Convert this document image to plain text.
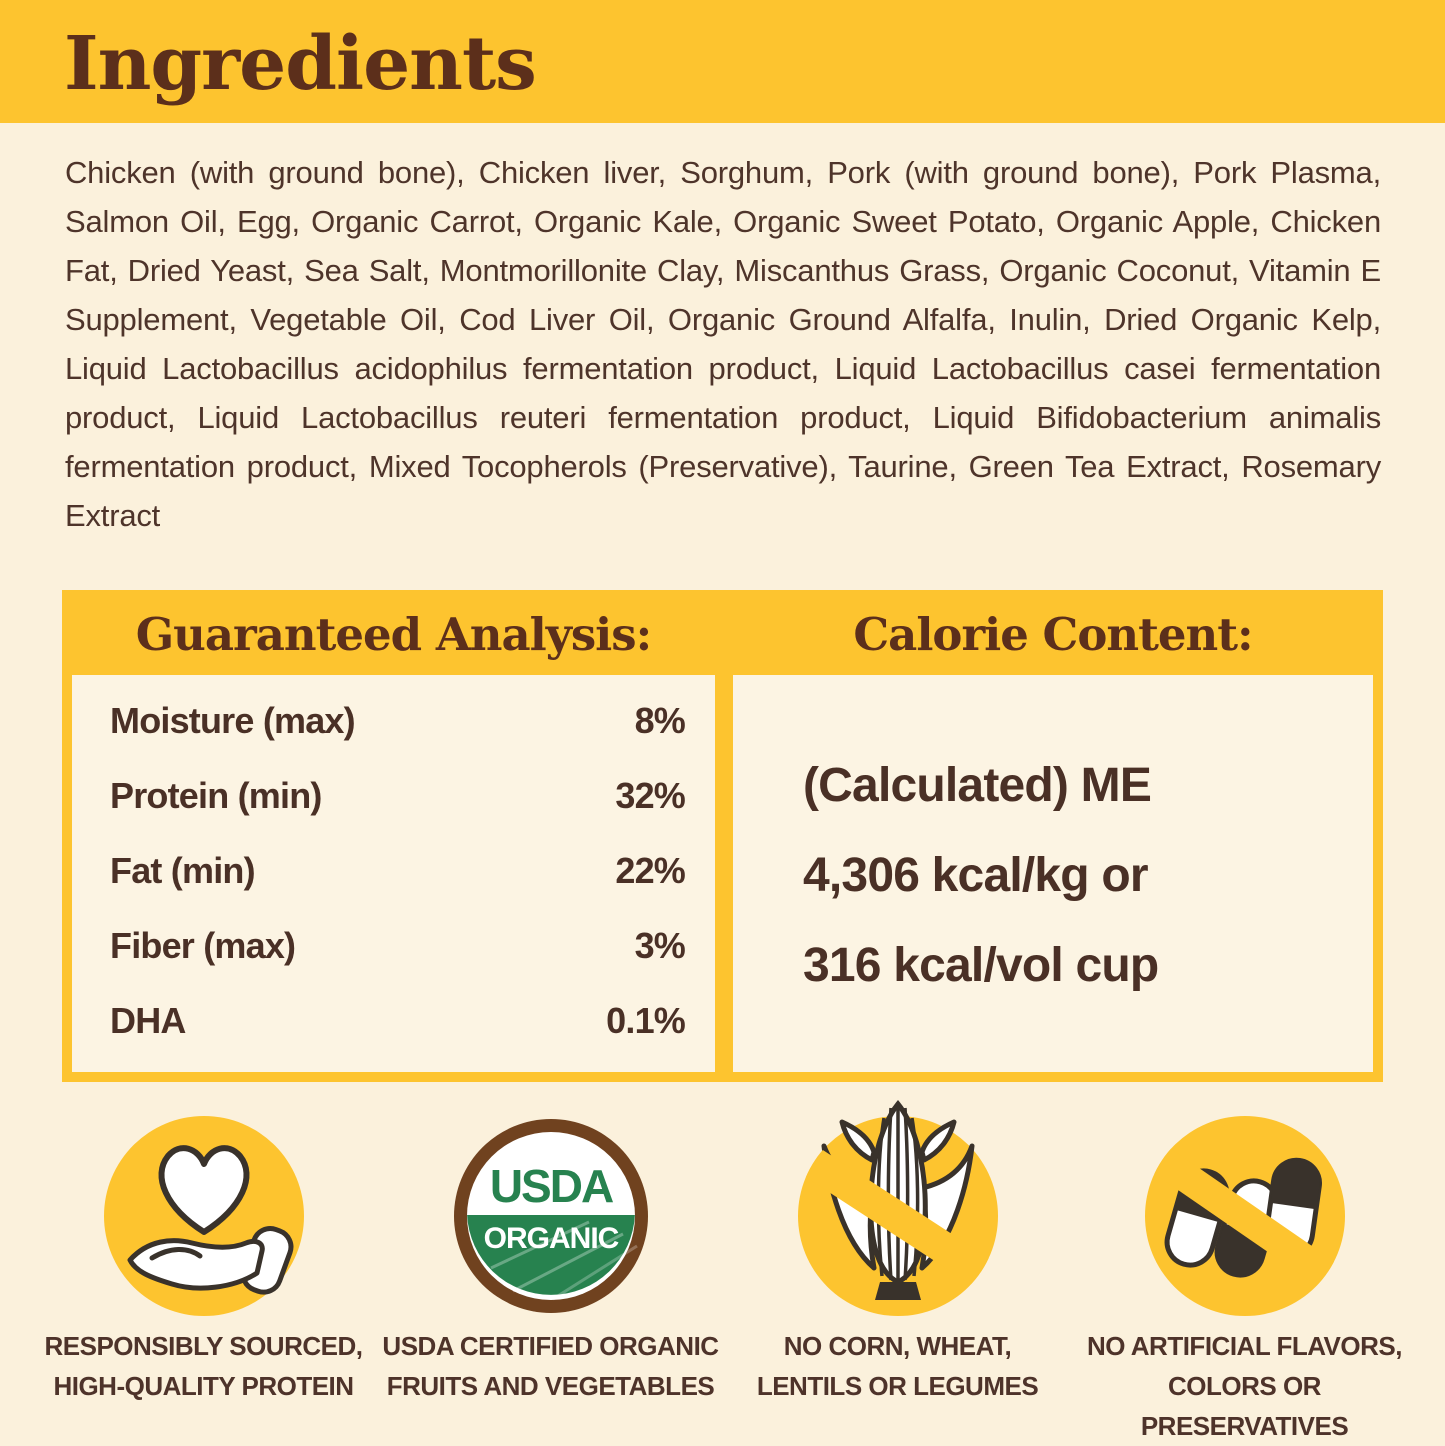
Ingredients
Chicken (with ground bone), Chicken liver, Sorghum, Pork (with ground bone), Pork Plasma, Salmon Oil, Egg, Organic Carrot, Organic Kale, Organic Sweet Potato, Organic Apple, Chicken Fat, Dried Yeast, Sea Salt, Montmorillonite Clay, Miscanthus Grass, Organic Coconut, Vitamin E Supplement, Vegetable Oil, Cod Liver Oil, Organic Ground Alfalfa, Inulin, Dried Organic Kelp, Liquid Lactobacillus acidophilus fermentation product, Liquid Lactobacillus casei fermentation product, Liquid Lactobacillus reuteri fermentation product, Liquid Bifidobacterium animalis fermentation product, Mixed Tocopherols (Preservative), Taurine, Green Tea Extract, Rosemary Extract
Guaranteed Analysis:	Calorie Content:
Moisture (max)	8%
Protein (min)	32%
Fat (min)	22%
Fiber (max)	3%
DHA	0.1%
(Calculated) ME
4,306 kcal/kg or
316 kcal/vol cup
RESPONSIBLY SOURCED,
HIGH-QUALITY PROTEIN
USDA
ORGANIC
USDA CERTIFIED ORGANIC
FRUITS AND VEGETABLES
NO CORN, WHEAT,
LENTILS OR LEGUMES
NO ARTIFICIAL FLAVORS,
COLORS OR PRESERVATIVES
